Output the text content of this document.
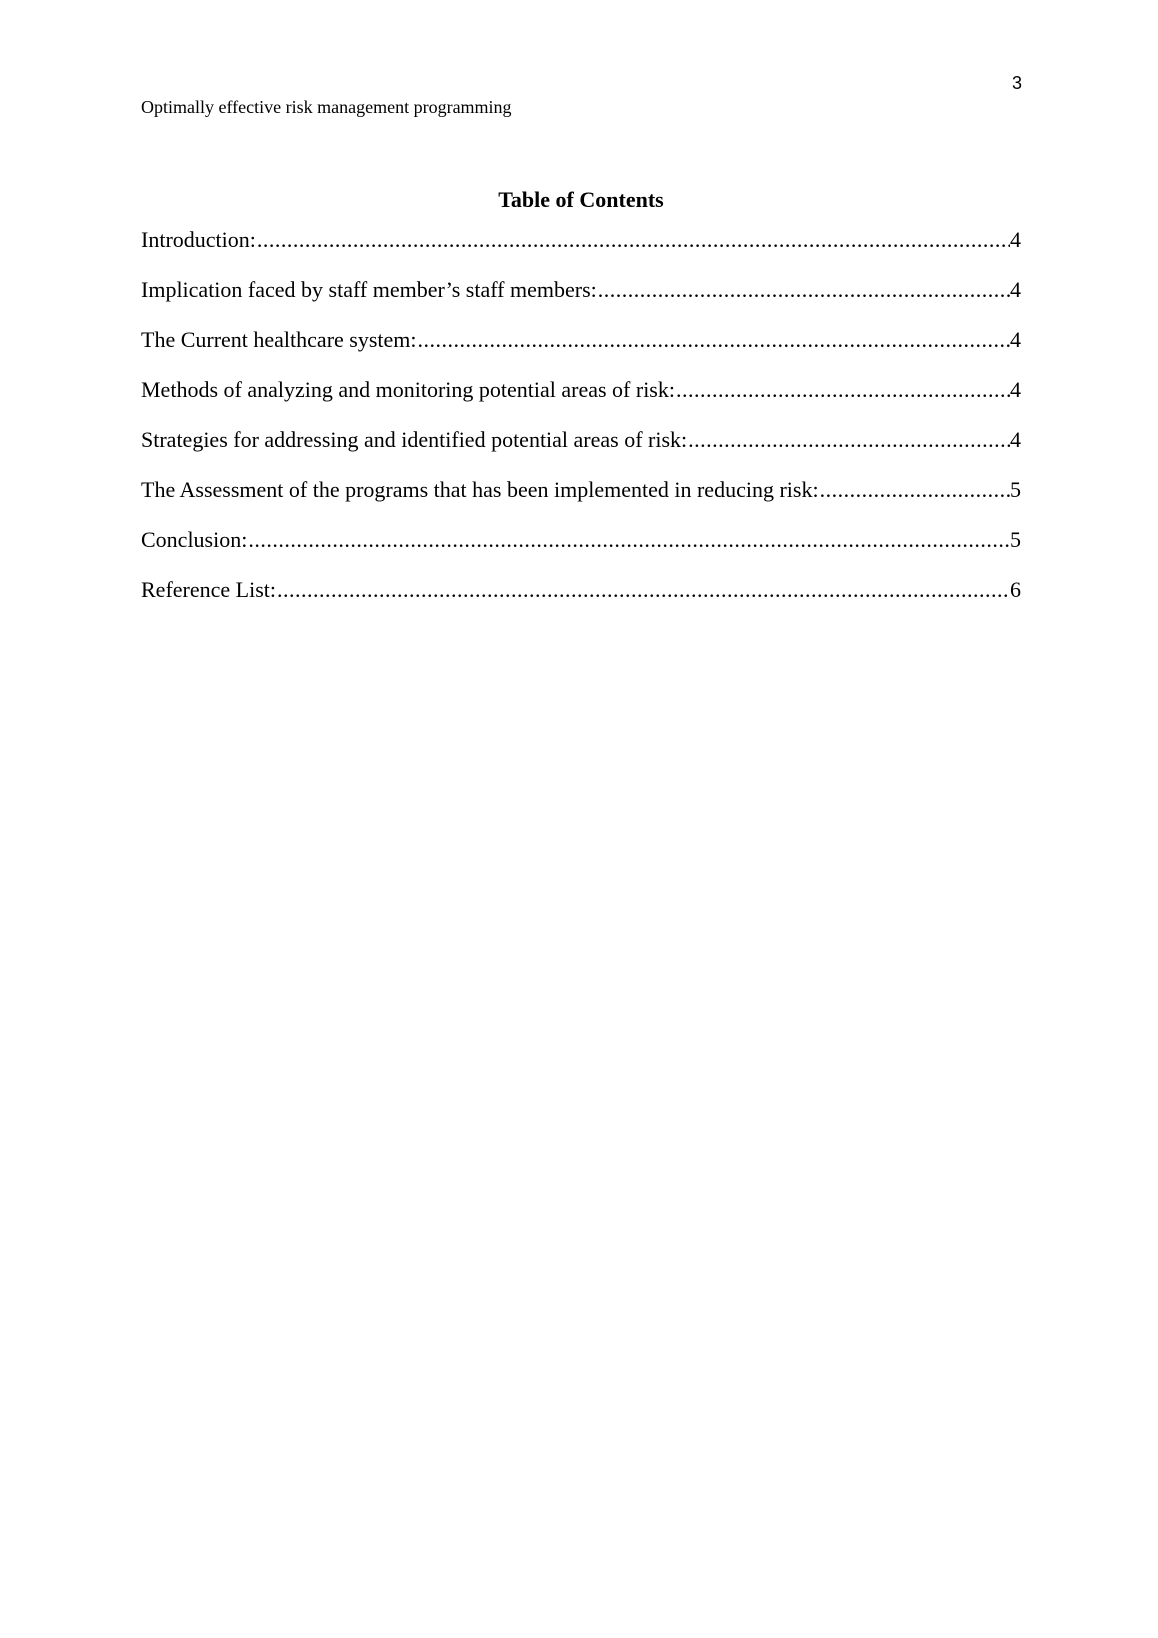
3
Optimally effective risk management programming
Table of Contents
Introduction: .....	4
Implication faced by staff member’s staff members: .....	4
The Current healthcare system: .....	4
Methods of analyzing and monitoring potential areas of risk: .....	4
Strategies for addressing and identified potential areas of risk: .....	4
The Assessment of the programs that has been implemented in reducing risk: .....	5
Conclusion: .....	5
Reference List: .....	6
